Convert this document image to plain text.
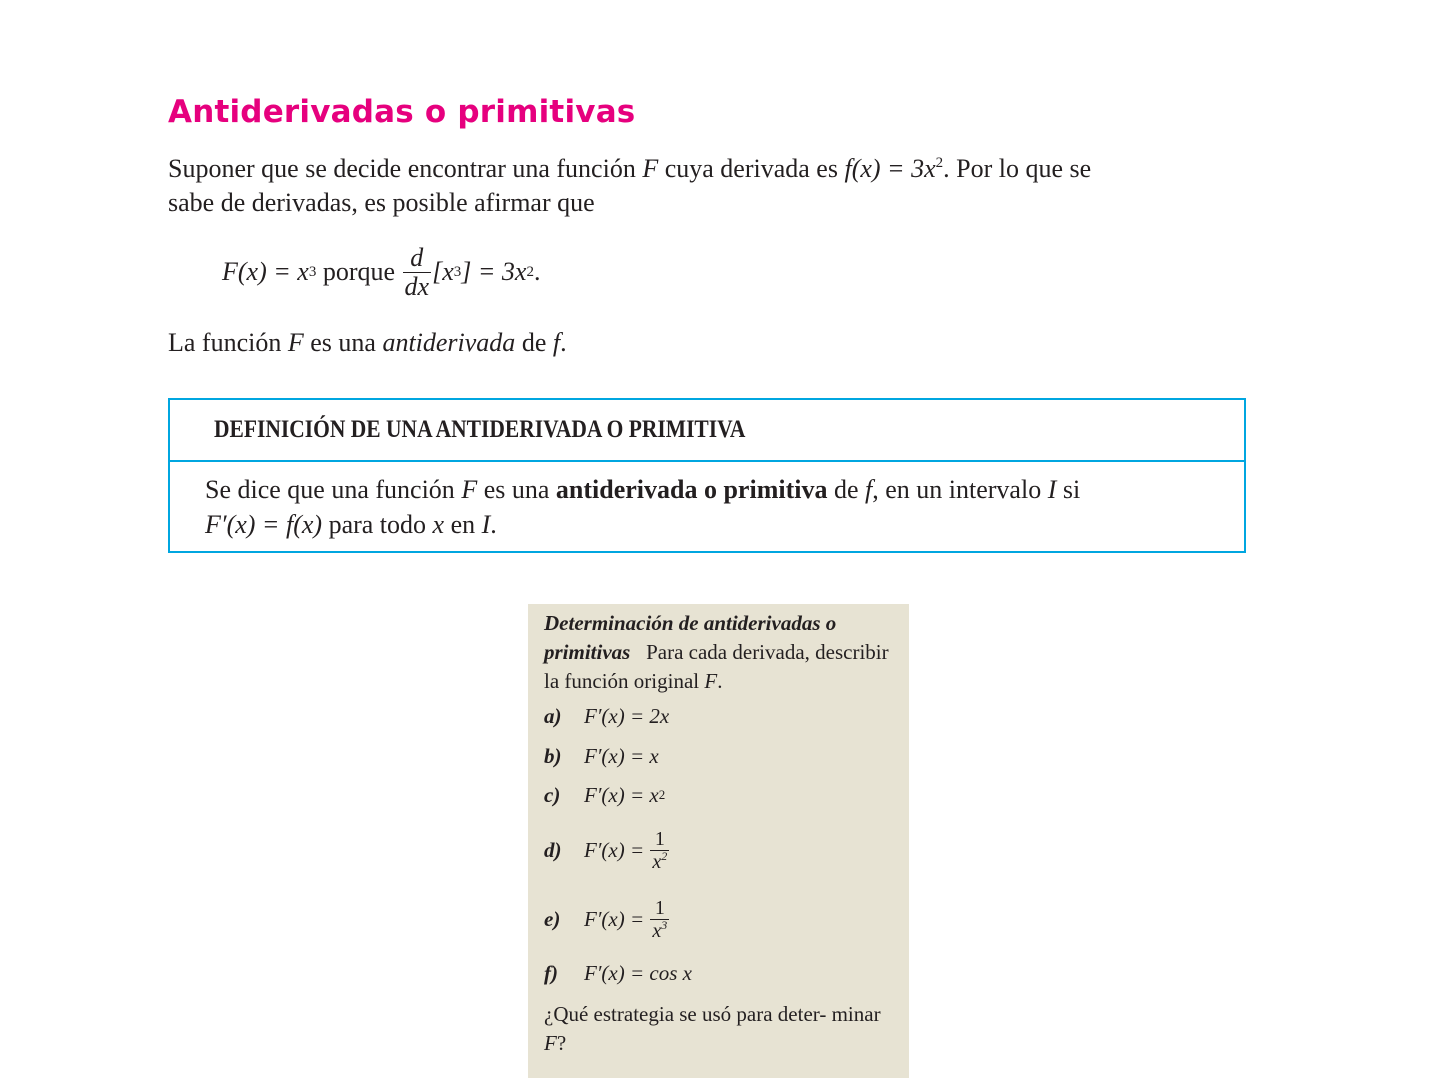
Antiderivadas o primitivas
Suponer que se decide encontrar una función F cuya derivada es $f(x) = 3x^2$. Por lo que se
sabe de derivadas, es posible afirmar que
F(x) = x 3 porque $\frac{d}{dx} [x$ 3 ] = 3x 2 .
La función F es una antiderivada de f.
DEFINICIÓN DE UNA ANTIDERIVADA O PRIMITIVA
Se dice que una función F es una antiderivada o primitiva de f, en un intervalo I si
F′(x) = f(x) para todo x en I.
Determinación de antiderivadas o primitivas Para cada derivada, describir la función original F.
a)	F′(x) = 2x
b)	F′(x) = x
c)	F′(x) = x 2
d)	$F'(x) = \frac{1}{x^2}$
e)	$F'(x) = \frac{1}{x^3}$
f)	F′(x) = cos x
¿Qué estrategia se usó para deter- minar F?
